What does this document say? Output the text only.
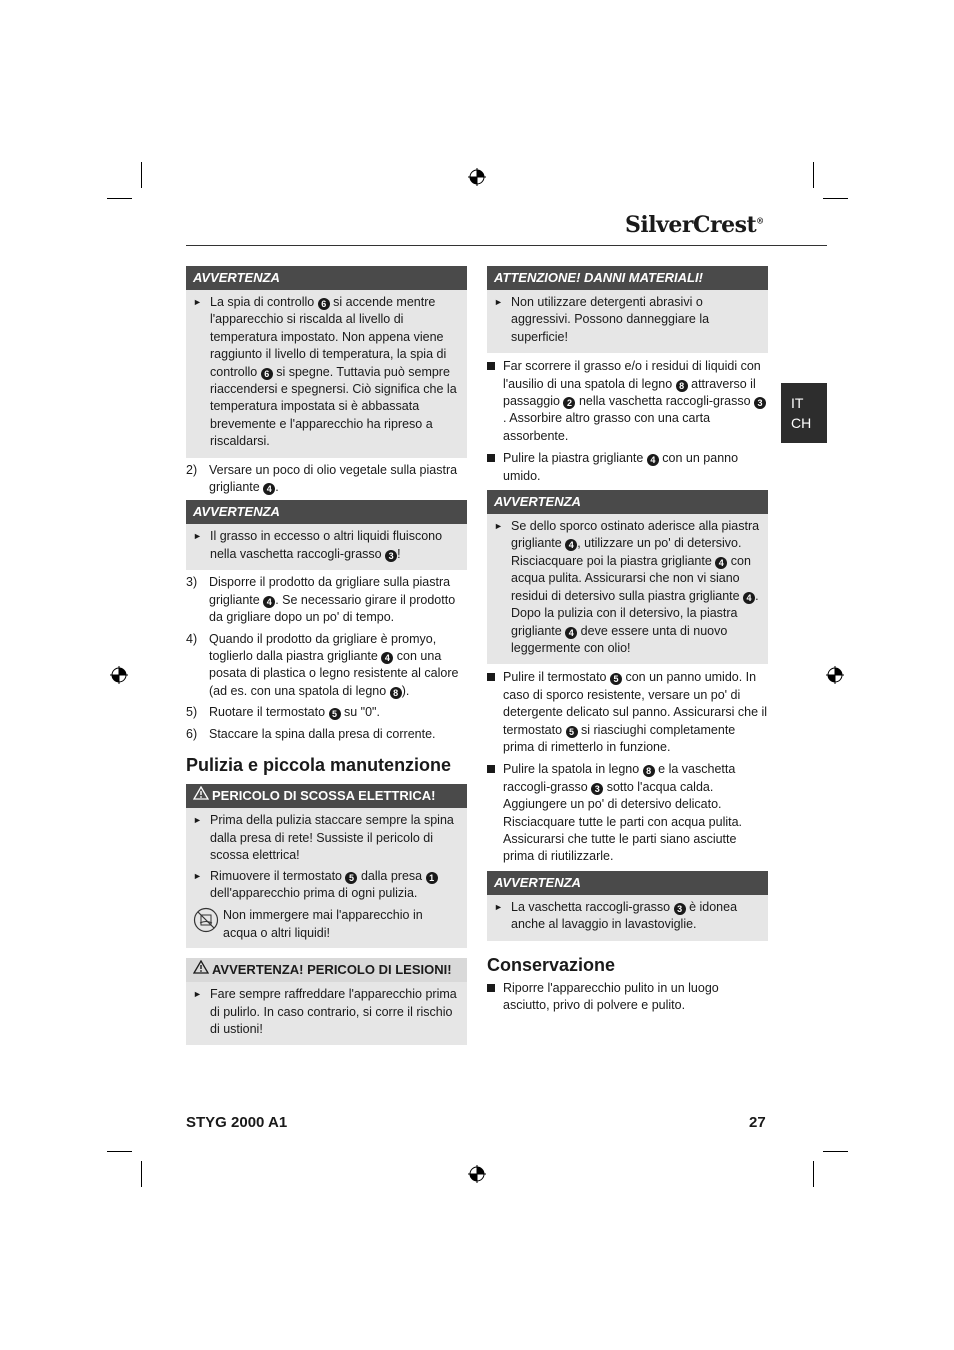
SilverCrest®
IT
CH
AVVERTENZA
► La spia di controllo 6 si accende mentre l'apparecchio si riscalda al livello di temperatura impostato. Non appena viene raggiunto il livello di temperatura, la spia di controllo 6 si spegne. Tuttavia può sempre riaccendersi e spegnersi. Ciò significa che la temperatura impostata si è abbassata brevemente e l'apparecchio ha ripreso a riscaldarsi.
2) Versare un poco di olio vegetale sulla piastra grigliante 4 .
AVVERTENZA
► Il grasso in eccesso o altri liquidi fluiscono nella vaschetta raccogli-grasso 3 !
3) Disporre il prodotto da grigliare sulla piastra grigliante 4 . Se necessario girare il prodotto da grigliare dopo un po' di tempo.
4) Quando il prodotto da grigliare è promyo, toglierlo dalla piastra grigliante 4 con una posata di plastica o legno resistente al calore (ad es. con una spatola di legno 8 ).
5) Ruotare il termostato 5 su "0".
6) Staccare la spina dalla presa di corrente.
Pulizia e piccola manutenzione
PERICOLO DI SCOSSA ELETTRICA!
► Prima della pulizia staccare sempre la spina dalla presa di rete! Sussiste il pericolo di scossa elettrica!
► Rimuovere il termostato 5 dalla presa 1 dell'apparecchio prima di ogni pulizia.
Non immergere mai l'apparecchio in acqua o altri liquidi!
AVVERTENZA! PERICOLO DI LESIONI!
► Fare sempre raffreddare l'apparecchio prima di pulirlo. In caso contrario, si corre il rischio di ustioni!
ATTENZIONE! DANNI MATERIALI!
► Non utilizzare detergenti abrasivi o aggressivi. Possono danneggiare la superficie!
Far scorrere il grasso e/o i residui di liquidi con l'ausilio di una spatola di legno 8 attraverso il passaggio 2 nella vaschetta raccogli-grasso 3. Assorbire altro grasso con una carta assorbente.
Pulire la piastra grigliante 4 con un panno umido.
AVVERTENZA
► Se dello sporco ostinato aderisce alla piastra grigliante 4 , utilizzare un po' di detersivo. Risciacquare poi la piastra grigliante 4 con acqua pulita. Assicurarsi che non vi siano residui di detersivo sulla piastra grigliante 4 . Dopo la pulizia con il detersivo, la piastra grigliante 4 deve essere unta di nuovo leggermente con olio!
Pulire il termostato 5 con un panno umido. In caso di sporco resistente, versare un po' di detergente delicato sul panno. Assicurarsi che il termostato 5 si riasciughi completamente prima di rimetterlo in funzione.
Pulire la spatola in legno 8 e la vaschetta raccogli-grasso 3 sotto l'acqua calda. Aggiungere un po' di detersivo delicato. Risciacquare tutte le parti con acqua pulita. Assicurarsi che tutte le parti siano asciutte prima di riutilizzarle.
AVVERTENZA
► La vaschetta raccogli-grasso 3 è idonea anche al lavaggio in lavastoviglie.
Conservazione
Riporre l'apparecchio pulito in un luogo asciutto, privo di polvere e pulito.
STYG 2000 A1	27
